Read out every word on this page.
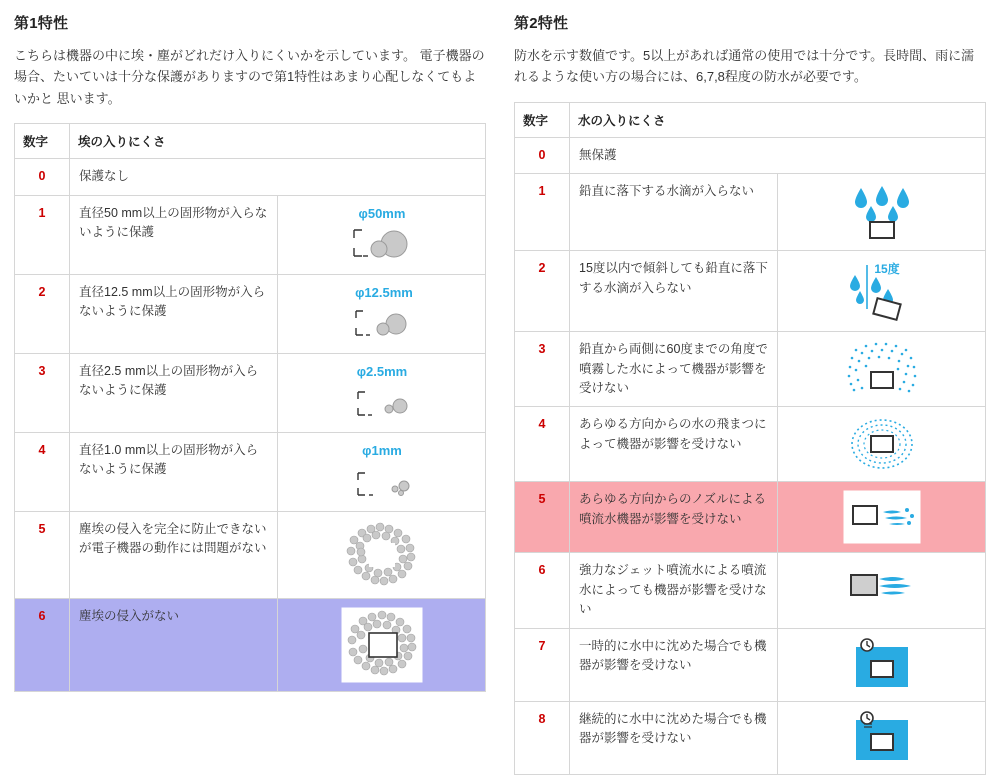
第1特性

こちらは機器の中に埃・塵がどれだけ入りにくいかを示しています。 電子機器の場合、たいていは十分な保護がありますので第1特性はあまり心配しなくてもよいかと 思います。

数字	埃の入りにくさ	
0	保護なし	
1	直径50 mm以上の固形物が入らないように保護	φ50mm

2	直径12.5 mm以上の固形物が入らないように保護	φ12.5mm

3	直径2.5 mm以上の固形物が入らないように保護	φ2.5mm

4	直径1.0 mm以上の固形物が入らないように保護	φ1mm

5	塵埃の侵入を完全に防止できないが電子機器の動作には問題がない	

6	塵埃の侵入がない	
第2特性

防水を示す数値です。5以上があれば通常の使用では十分です。長時間、雨に濡れるような使い方の場合には、6,7,8程度の防水が必要です。

数字	水の入りにくさ	
0	無保護	
1	鉛直に落下する水滴が入らない	

2	15度以内で傾斜しても鉛直に落下する水滴が入らない	15度

3	鉛直から両側に60度までの角度で噴霧した水によって機器が影響を受けない	

4	あらゆる方向からの水の飛まつによって機器が影響を受けない	

5	あらゆる方向からのノズルによる噴流水機器が影響を受けない	

6	強力なジェット噴流水による噴流水によっても機器が影響を受けない	

7	一時的に水中に沈めた場合でも機器が影響を受けない	

8	継続的に水中に沈めた場合でも機器が影響を受けない	
